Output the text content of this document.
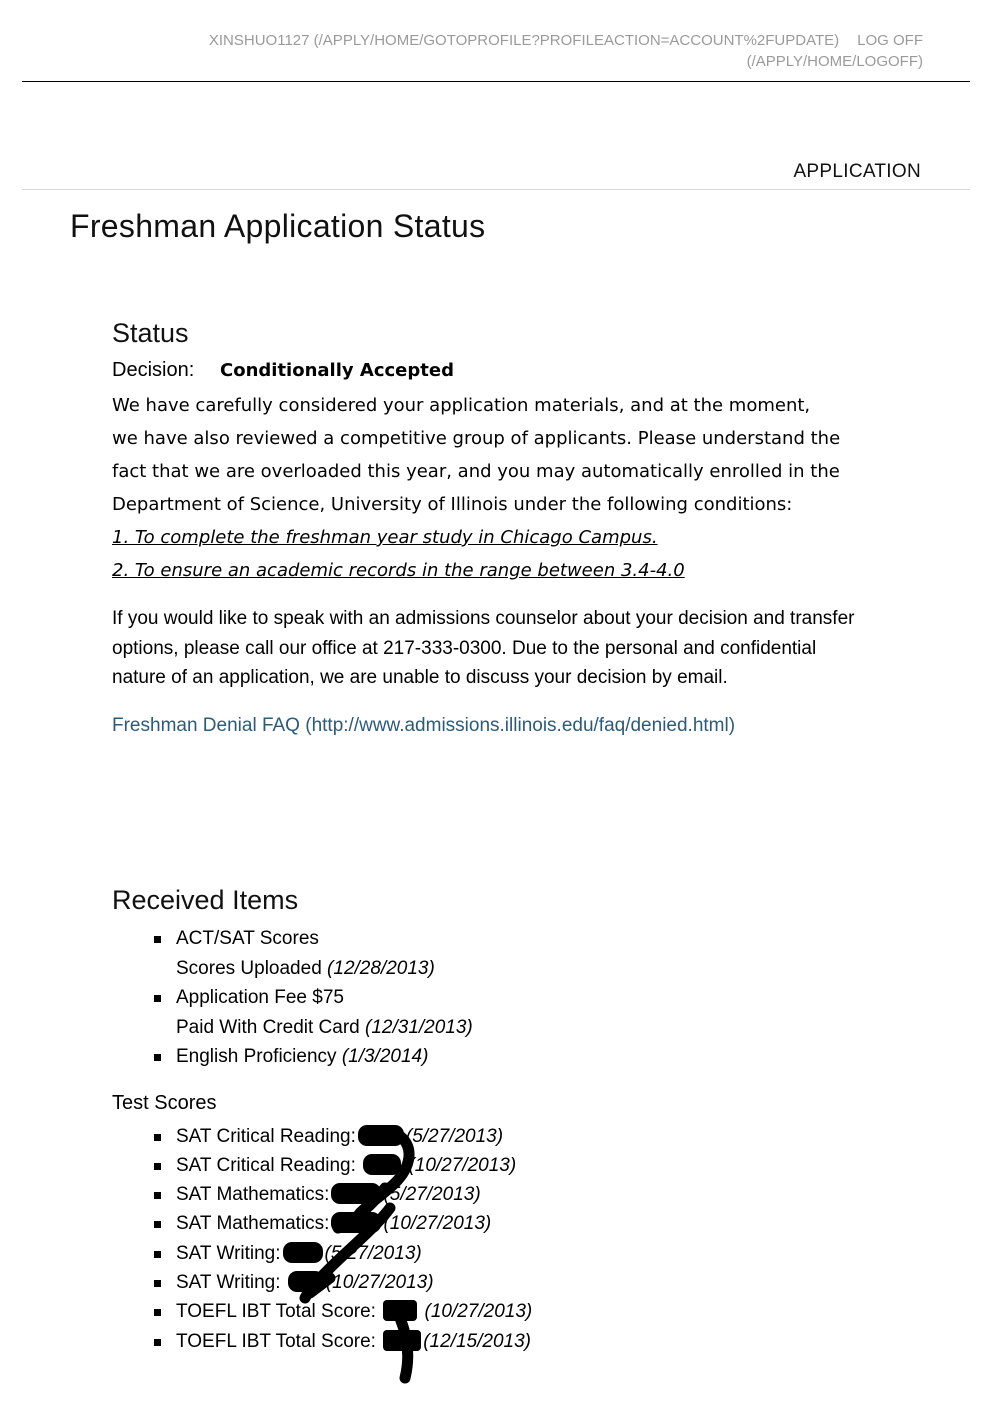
XINSHUO1127 (/APPLY/HOME/GOTOPROFILE?PROFILEACTION=ACCOUNT%2FUPDATE) LOG OFF
(/APPLY/HOME/LOGOFF)
APPLICATION
Freshman Application Status
Status
Decision: Conditionally Accepted
We have carefully considered your application materials, and at the moment,
we have also reviewed a competitive group of applicants. Please understand the
fact that we are overloaded this year, and you may automatically enrolled in the
Department of Science, University of Illinois under the following conditions:
1. To complete the freshman year study in Chicago Campus.
2. To ensure an academic records in the range between 3.4-4.0
If you would like to speak with an admissions counselor about your decision and transfer options, please call our office at 217-333-0300. Due to the personal and confidential nature of an application, we are unable to discuss your decision by email.
Freshman Denial FAQ (http://www.admissions.illinois.edu/faq/denied.html)
Received Items
ACT/SAT Scores
Scores Uploaded (12/28/2013)
Application Fee $75
Paid With Credit Card (12/31/2013)
English Proficiency (1/3/2014)
Test Scores
SAT Critical Reading:	(5/27/2013)
SAT Critical Reading:	(10/27/2013)
SAT Mathematics:	(5/27/2013)
SAT Mathematics:	(10/27/2013)
SAT Writing: (5/27/2013)
SAT Writing: (10/27/2013)
TOEFL IBT Total Score:	(10/27/2013)
TOEFL IBT Total Score: (12/15/2013)
